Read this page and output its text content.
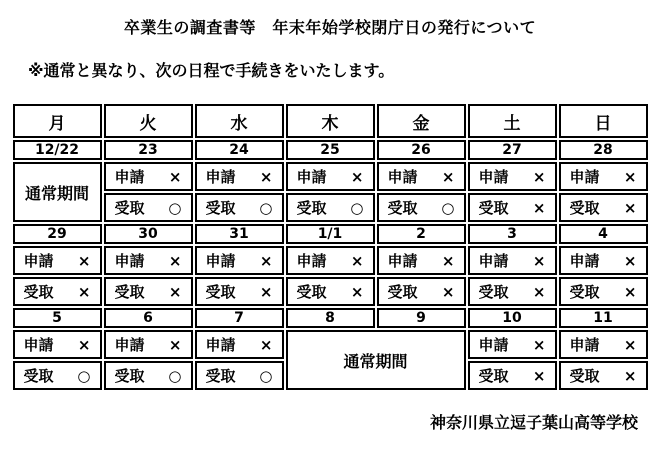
卒業生の調査書等　年末年始学校閉庁日の発行について
※通常と異なり、次の日程で手続きをいたします。
月	火	水	木	金	土	日
12/22	23	24	25	26	27	28
通常期間	申請 ×	申請 ×	申請 ×	申請 ×	申請 ×	申請 ×

	受取 ○	受取 ○	受取 ○	受取 ○	受取 ×	受取 ×

29	30	31	1/1	2	3	4

申請 ×	申請 ×	申請 ×	申請 ×	申請 ×	申請 ×	申請 ×

受取 ×	受取 ×	受取 ×	受取 ×	受取 ×	受取 ×	受取 ×

5	6	7	8	9	10	11

申請 ×	申請 ×	申請 ×	通常期間		申請 ×	申請 ×

受取 ○	受取 ○	受取 ○			受取 ×	受取 ×
神奈川県立逗子葉山高等学校
